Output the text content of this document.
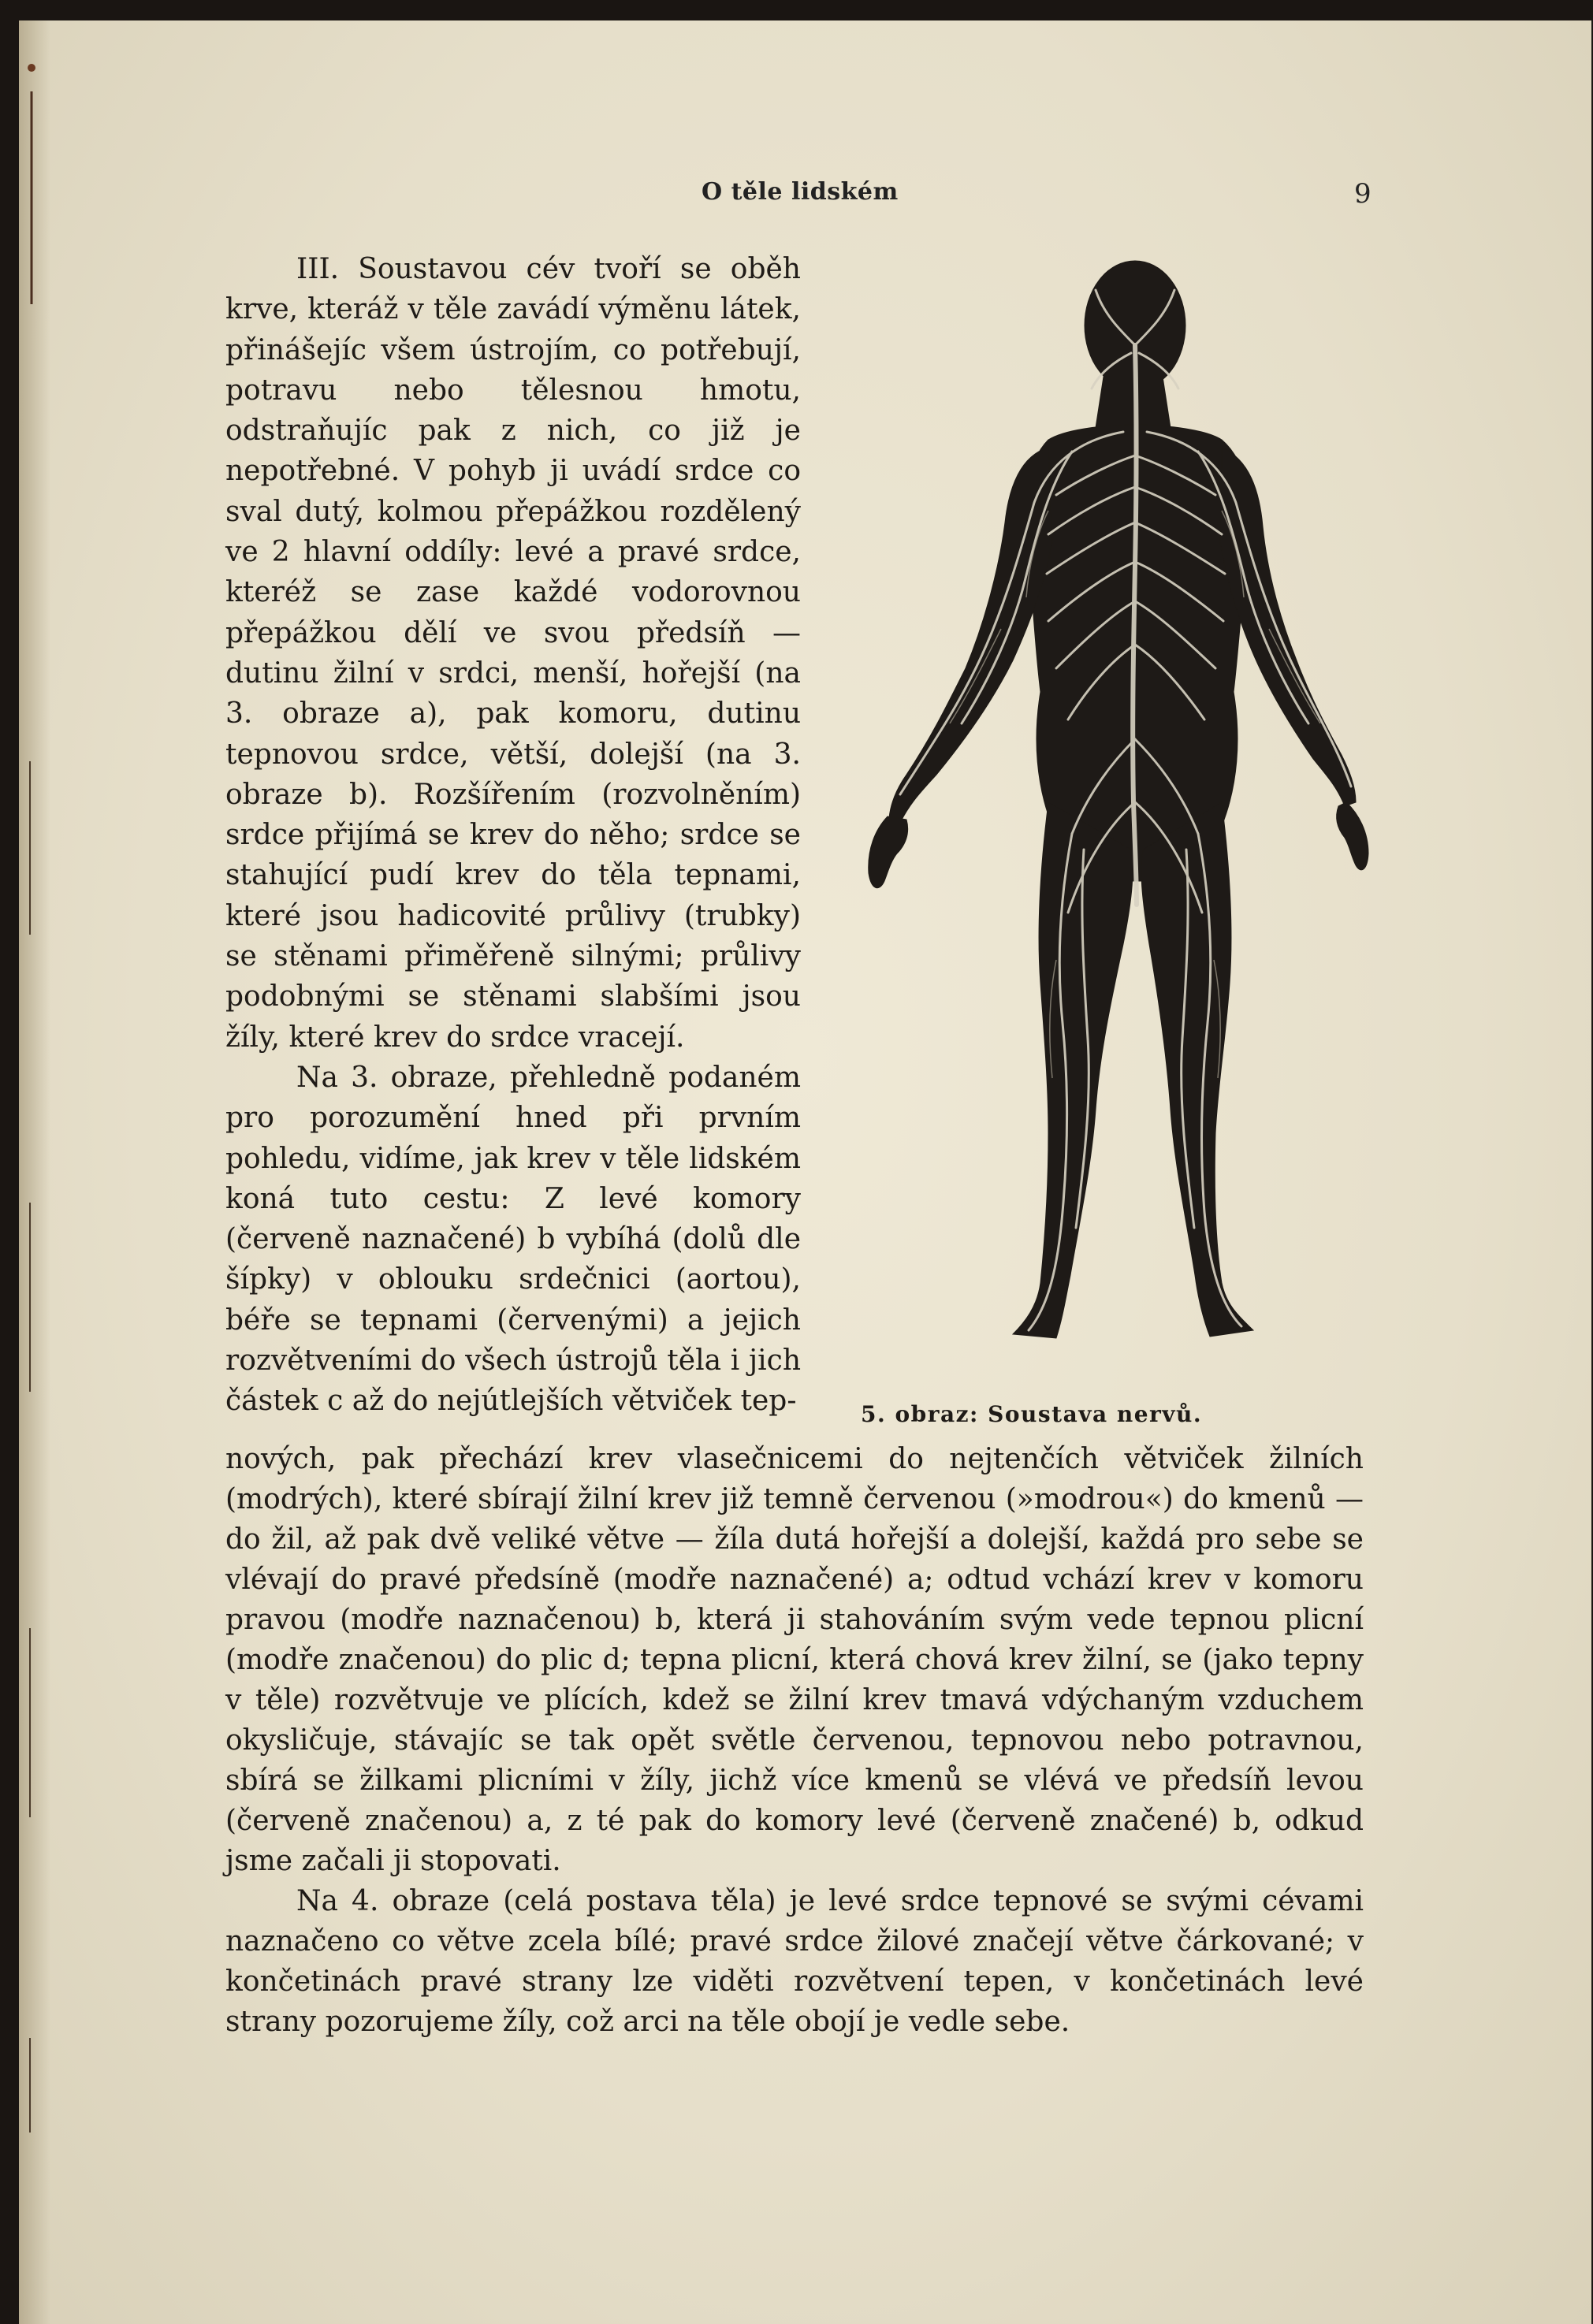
O těle lidském	9

III. Soustavou cév tvoří se oběh krve, kteráž v těle zavádí výměnu látek, přinášejíc všem ústrojím, co potřebují, potravu nebo tělesnou hmotu, odstraňujíc pak z nich, co již je nepotřebné. V pohyb ji uvádí srdce co sval dutý, kolmou přepážkou rozdělený ve 2 hlavní oddíly: levé a pravé srdce, kteréž se zase každé vodorovnou přepážkou dělí ve svou předsíň — dutinu žilní v srdci, menší, hořejší (na 3. obraze a), pak komoru, dutinu tepnovou srdce, větší, dolejší (na 3. obraze b). Rozšířením (rozvolněním) srdce přijímá se krev do něho; srdce se stahující pudí krev do těla tepnami, které jsou hadicovité průlivy (trubky) se stěnami přiměřeně silnými; průlivy podobnými se stěnami slabšími jsou žíly, které krev do srdce vracejí.

Na 3. obraze, přehledně podaném pro porozumění hned při prvním pohledu, vidíme, jak krev v těle lidském koná tuto cestu: Z levé komory (červeně naznačené) b vybíhá (dolů dle šípky) v oblouku srdečnici (aortou), béře se tepnami (červenými) a jejich rozvětveními do všech ústrojů těla i jich částek c až do nejútlejších větviček tep-	5. obraz: Soustava nervů.

nových, pak přechází krev vlasečnicemi do nejtenčích větviček žilních (modrých), které sbírají žilní krev již temně červenou (»modrou«) do kmenů — do žil, až pak dvě veliké větve — žíla dutá hořejší a dolejší, každá pro sebe se vlévají do pravé předsíně (modře naznačené) a; odtud vchází krev v komoru pravou (modře naznačenou) b, která ji stahováním svým vede tepnou plicní (modře značenou) do plic d; tepna plicní, která chová krev žilní, se (jako tepny v těle) rozvětvuje ve plících, kdež se žilní krev tmavá vdýchaným vzduchem okysličuje, stávajíc se tak opět světle červenou, tepnovou nebo potravnou, sbírá se žilkami plicními v žíly, jichž více kmenů se vlévá ve předsíň levou (červeně značenou) a, z té pak do komory levé (červeně značené) b, odkud jsme začali ji stopovati.

Na 4. obraze (celá postava těla) je levé srdce tepnové se svými cévami naznačeno co větve zcela bílé; pravé srdce žilové značejí větve čárkované; v končetinách pravé strany lze viděti rozvětvení tepen, v končetinách levé strany pozorujeme žíly, což arci na těle obojí je vedle sebe.
